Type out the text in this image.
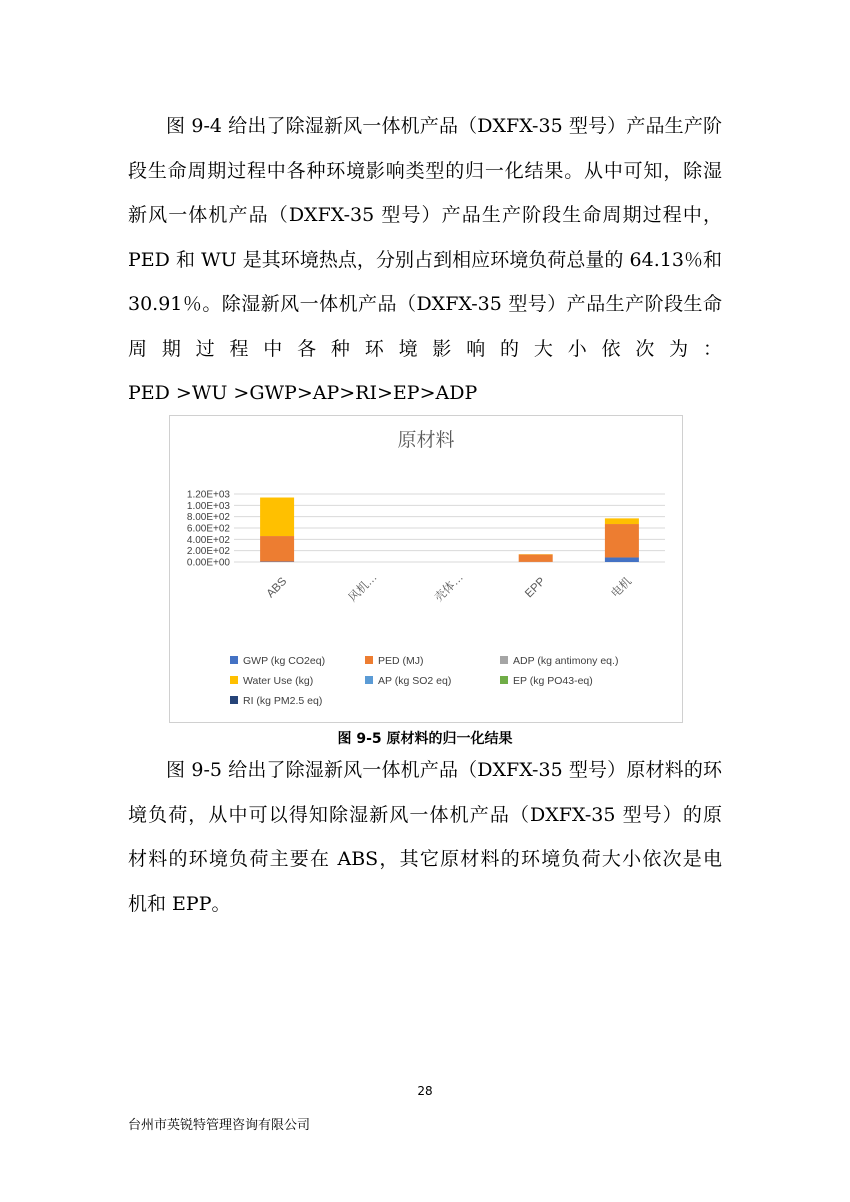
图 9-4 给出了除湿新风一体机产品（DXFX-35 型号）产品生产阶
段生命周期过程中各种环境影响类型的归一化结果。从中可知，除湿
新风一体机产品（DXFX-35 型号）产品生产阶段生命周期过程中，
PED 和 WU 是其环境热点，分别占到相应环境负荷总量的 64.13％和
30.91％。除湿新风一体机产品（DXFX-35 型号）产品生产阶段生命
周期过程中各种环境影响的大小依次为：
PED >WU >GWP>AP>RI>EP>ADP
原材料
0.00E+00
2.00E+02
4.00E+02
6.00E+02
8.00E+02
1.00E+03
1.20E+03
ABS	风机…	壳体…	EPP	电机
GWP (kg CO2eq)	PED (MJ)	ADP (kg antimony eq.)
Water Use (kg)	AP (kg SO2 eq)	EP (kg PO43-eq)
RI (kg PM2.5 eq)
图 9-5 原材料的归一化结果
图 9-5 给出了除湿新风一体机产品（DXFX-35 型号）原材料的环
境负荷，从中可以得知除湿新风一体机产品（DXFX-35 型号）的原
材料的环境负荷主要在 ABS，其它原材料的环境负荷大小依次是电
机和 EPP。
28
台州市英锐特管理咨询有限公司
